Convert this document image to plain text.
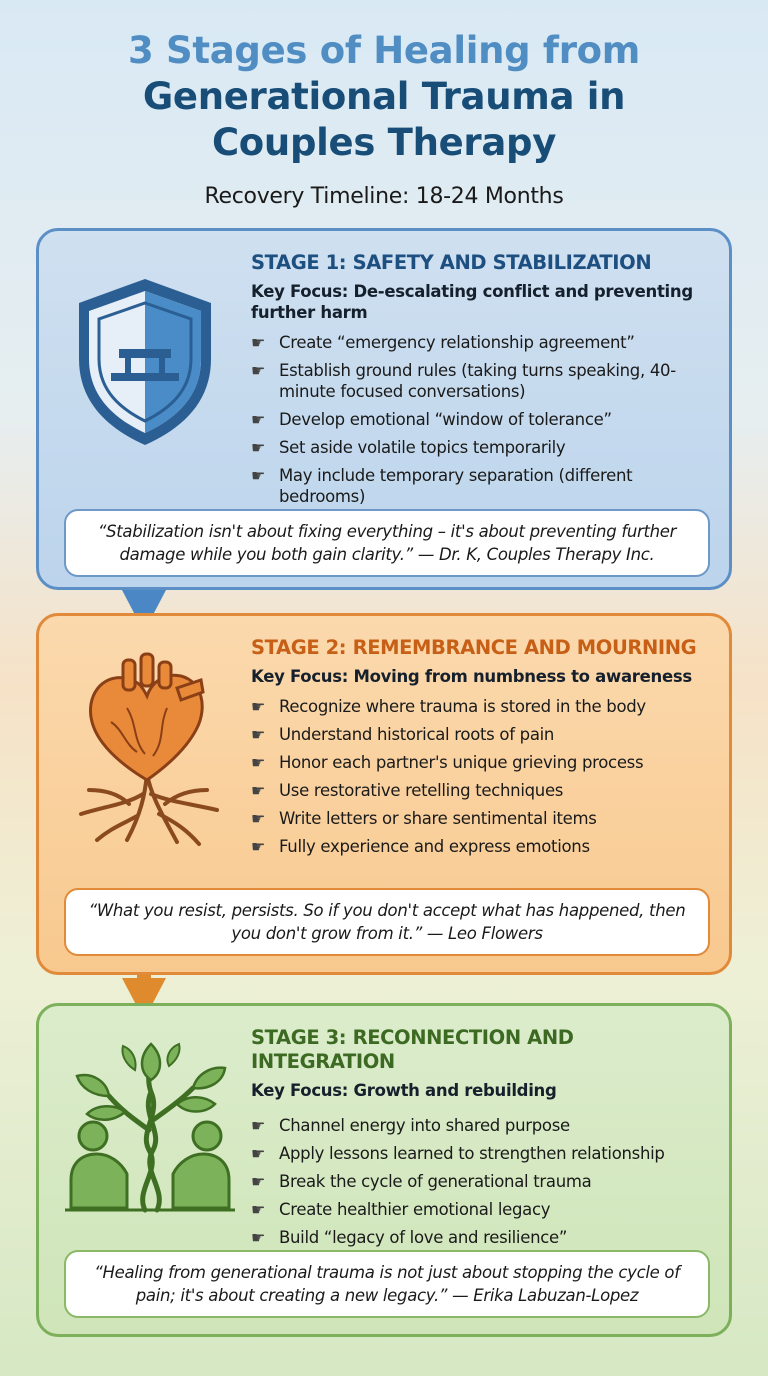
3 Stages of Healing from
Generational Trauma in
Couples Therapy
Recovery Timeline: 18-24 Months
STAGE 1: SAFETY AND STABILIZATION
Key Focus: De-escalating conflict and preventing further harm
☛ Create “emergency relationship agreement”
☛ Establish ground rules (taking turns speaking, 40-minute focused conversations)
☛ Develop emotional “window of tolerance”
☛ Set aside volatile topics temporarily
☛ May include temporary separation (different bedrooms)
“Stabilization isn't about fixing everything – it's about preventing further damage while you both gain clarity.” — Dr. K, Couples Therapy Inc.
STAGE 2: REMEMBRANCE AND MOURNING
Key Focus: Moving from numbness to awareness
☛ Recognize where trauma is stored in the body
☛ Understand historical roots of pain
☛ Honor each partner's unique grieving process
☛ Use restorative retelling techniques
☛ Write letters or share sentimental items
☛ Fully experience and express emotions
“What you resist, persists. So if you don't accept what has happened, then you don't grow from it.” — Leo Flowers
STAGE 3: RECONNECTION AND INTEGRATION
Key Focus: Growth and rebuilding
☛ Channel energy into shared purpose
☛ Apply lessons learned to strengthen relationship
☛ Break the cycle of generational trauma
☛ Create healthier emotional legacy
☛ Build “legacy of love and resilience”
“Healing from generational trauma is not just about stopping the cycle of pain; it's about creating a new legacy.” — Erika Labuzan-Lopez
